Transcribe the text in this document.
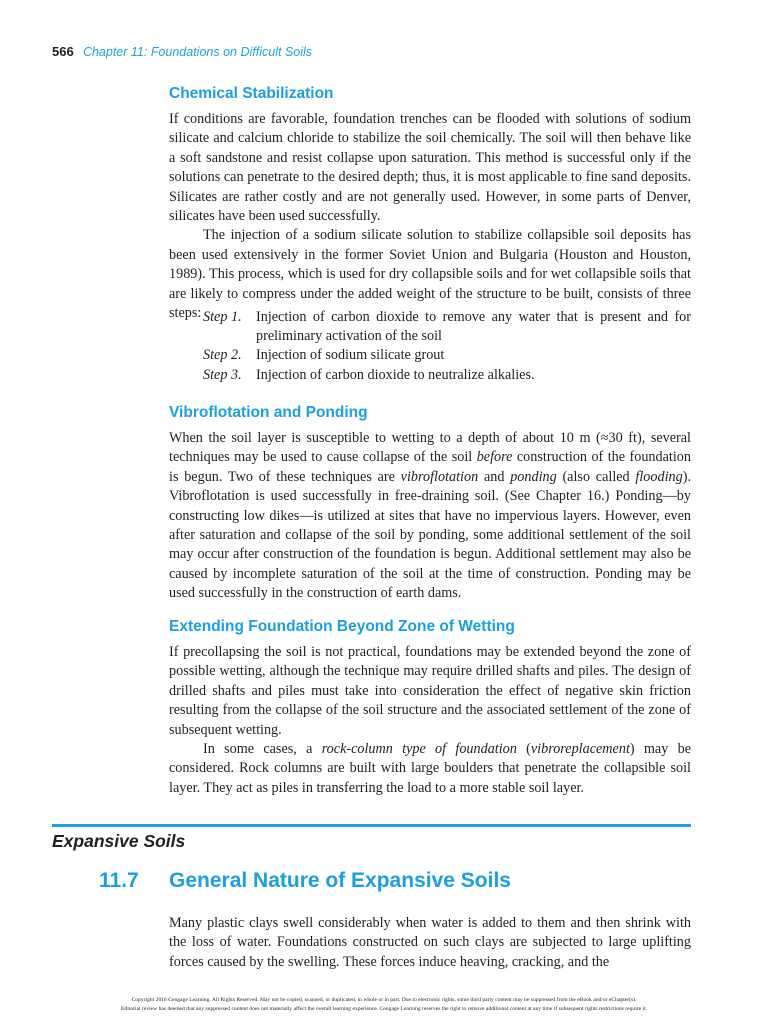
566 Chapter 11: Foundations on Difficult Soils
Chemical Stabilization

If conditions are favorable, foundation trenches can be flooded with solutions of sodium silicate and calcium chloride to stabilize the soil chemically. The soil will then behave like a soft sandstone and resist collapse upon saturation. This method is successful only if the solutions can penetrate to the desired depth; thus, it is most applicable to fine sand deposits. Silicates are rather costly and are not generally used. However, in some parts of Denver, silicates have been used successfully.

The injection of a sodium silicate solution to stabilize collapsible soil deposits has been used extensively in the former Soviet Union and Bulgaria (Houston and Houston, 1989). This process, which is used for dry collapsible soils and for wet collapsible soils that are likely to compress under the added weight of the structure to be built, consists of three steps: Step 1.	Injection of carbon dioxide to remove any water that is present and for preliminary activation of the soil
Step 2.	Injection of sodium silicate grout
Step 3.	Injection of carbon dioxide to neutralize alkalies.
Vibroflotation and Ponding

When the soil layer is susceptible to wetting to a depth of about 10 m (≈30 ft), several techniques may be used to cause collapse of the soil before construction of the foundation is begun. Two of these techniques are vibroflotation and ponding (also called flooding). Vibroflotation is used successfully in free-draining soil. (See Chapter 16.) Ponding—by constructing low dikes—is utilized at sites that have no impervious layers. However, even after saturation and collapse of the soil by ponding, some additional settlement of the soil may occur after construction of the foundation is begun. Additional settlement may also be caused by incomplete saturation of the soil at the time of construction. Ponding may be used successfully in the construction of earth dams.

Extending Foundation Beyond Zone of Wetting

If precollapsing the soil is not practical, foundations may be extended beyond the zone of possible wetting, although the technique may require drilled shafts and piles. The design of drilled shafts and piles must take into consideration the effect of negative skin friction resulting from the collapse of the soil structure and the associated settlement of the zone of subsequent wetting.

In some cases, a rock-column type of foundation (vibroreplacement) may be considered. Rock columns are built with large boulders that penetrate the collapsible soil layer. They act as piles in transferring the load to a more stable soil layer.

Expansive Soils
11.7 General Nature of Expansive Soils

Many plastic clays swell considerably when water is added to them and then shrink with the loss of water. Foundations constructed on such clays are subjected to large uplifting forces caused by the swelling. These forces induce heaving, cracking, and the

Copyright 2016 Cengage Learning. All Rights Reserved. May not be copied, scanned, or duplicated, in whole or in part. Due to electronic rights, some third party content may be suppressed from the eBook and/or eChapter(s).
Editorial review has deemed that any suppressed content does not materially affect the overall learning experience. Cengage Learning reserves the right to remove additional content at any time if subsequent rights restrictions require it.
